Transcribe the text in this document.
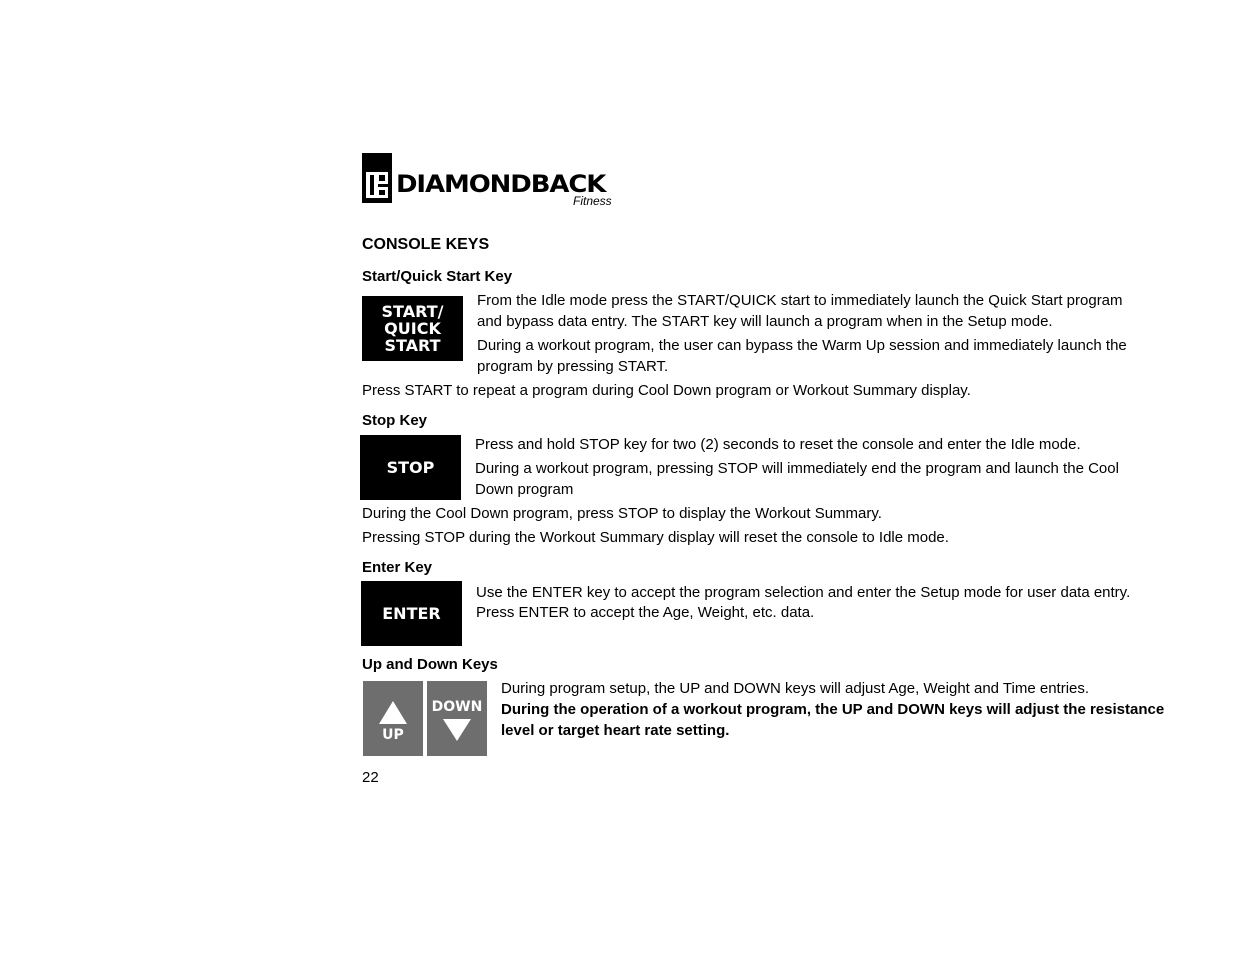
DIAMONDBACK
Fitness
CONSOLE KEYS
Start/Quick Start Key
START/
QUICK
START
From the Idle mode press the START/QUICK start to immediately launch the Quick Start program
and bypass data entry. The START key will launch a program when in the Setup mode.
During a workout program, the user can bypass the Warm Up session and immediately launch the
program by pressing START.
Press START to repeat a program during Cool Down program or Workout Summary display.
Stop Key
STOP
Press and hold STOP key for two (2) seconds to reset the console and enter the Idle mode.
During a workout program, pressing STOP will immediately end the program and launch the Cool
Down program
During the Cool Down program, press STOP to display the Workout Summary.
Pressing STOP during the Workout Summary display will reset the console to Idle mode.
Enter Key
ENTER
Use the ENTER key to accept the program selection and enter the Setup mode for user data entry.
Press ENTER to accept the Age, Weight, etc. data.
Up and Down Keys
UP
DOWN
During program setup, the UP and DOWN keys will adjust Age, Weight and Time entries.
During the operation of a workout program, the UP and DOWN keys will adjust the resistance
level or target heart rate setting.
22
